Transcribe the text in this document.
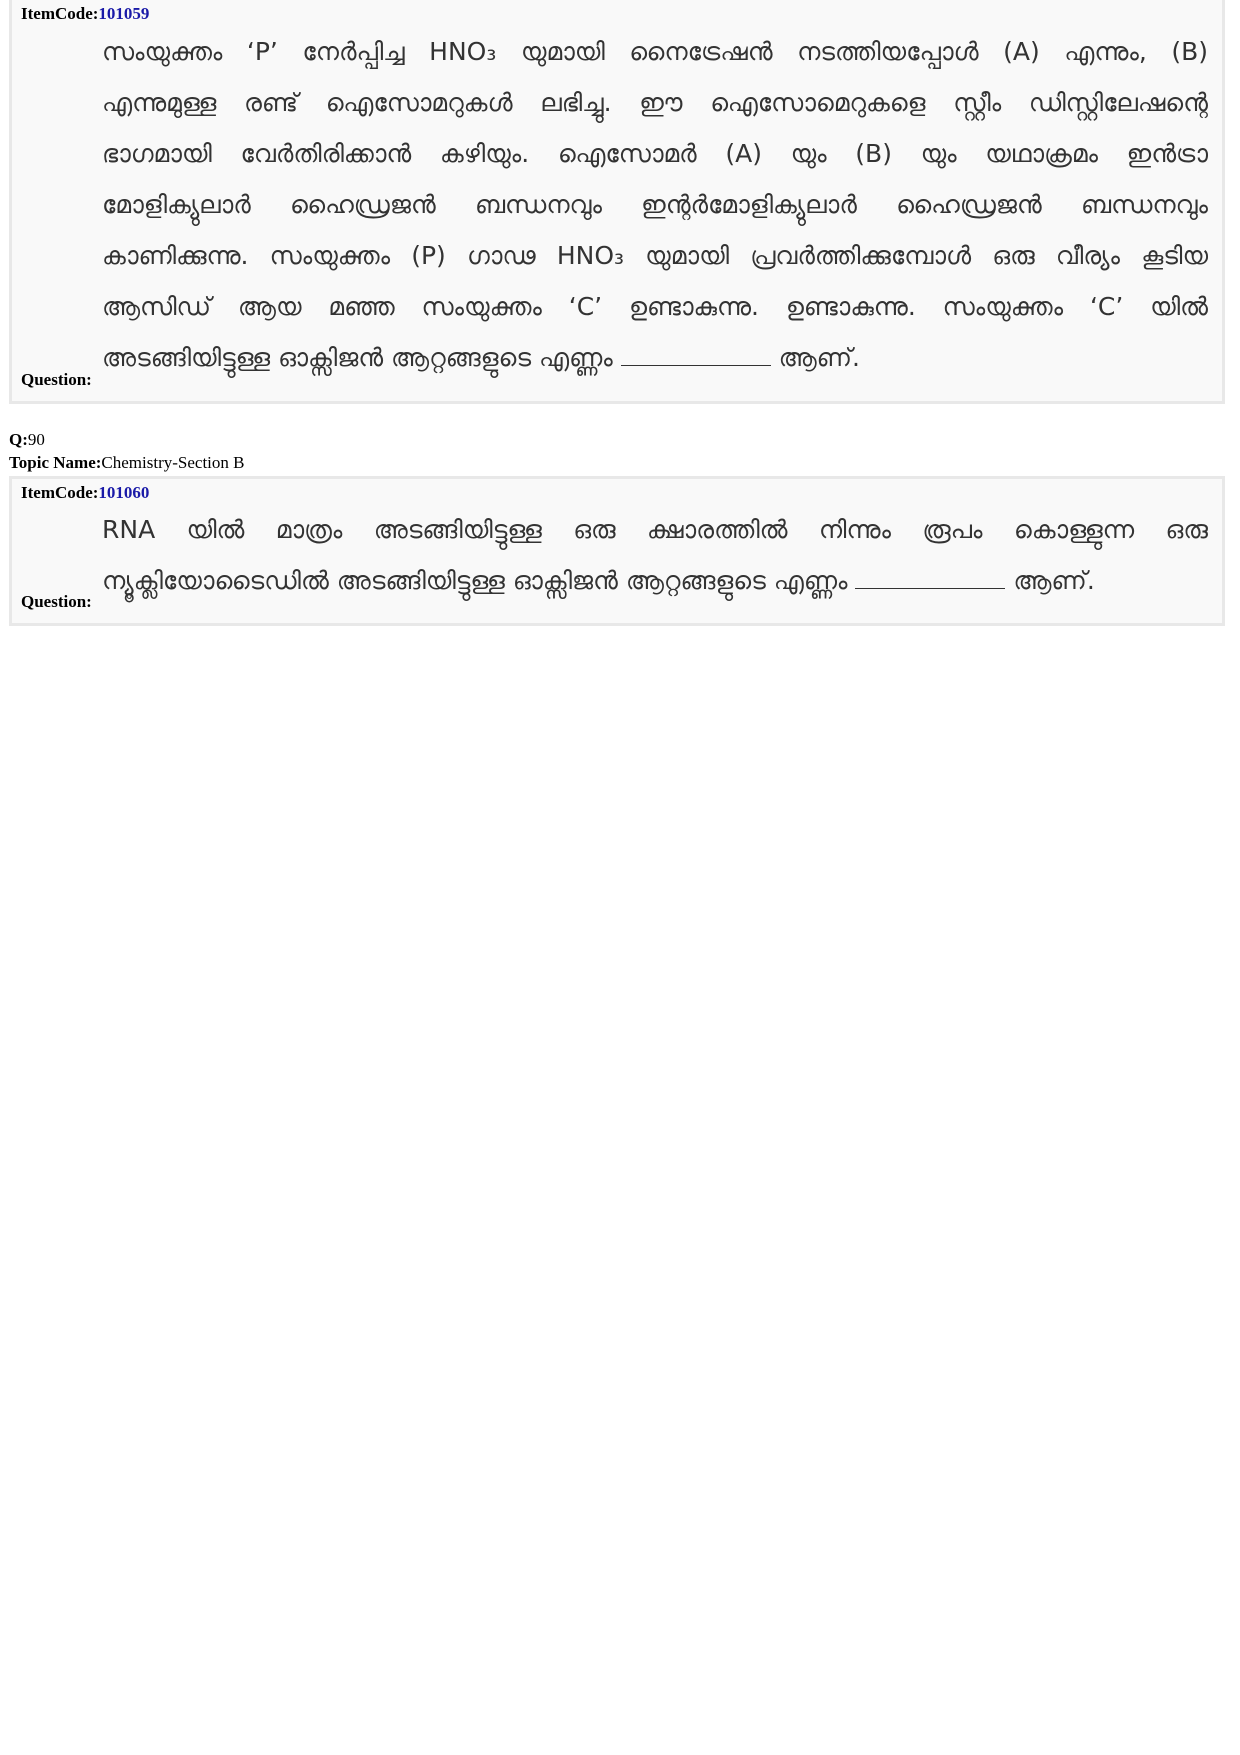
ItemCode:101059
സംയുക്തം ‘P’ നേർപ്പിച്ച HNO₃ യുമായി നൈട്രേഷൻ നടത്തിയപ്പോൾ (A) എന്നും, (B)
എന്നുമുള്ള രണ്ട് ഐസോമറുകൾ ലഭിച്ചു. ഈ ഐസോമെറുകളെ സ്റ്റീം ഡിസ്റ്റിലേഷന്റെ
ഭാഗമായി വേർതിരിക്കാൻ കഴിയും. ഐസോമർ (A) യും (B) യും യഥാക്രമം ഇൻട്രാ
മോളിക്യുലാർ ഹൈഡ്രജൻ ബന്ധനവും ഇന്റർമോളിക്യുലാർ ഹൈഡ്രജൻ ബന്ധനവും
കാണിക്കുന്നു. സംയുക്തം (P) ഗാഢ HNO₃ യുമായി പ്രവർത്തിക്കുമ്പോൾ ഒരു വീര്യം കൂടിയ
ആസിഡ് ആയ മഞ്ഞ സംയുക്തം ‘C’ ഉണ്ടാകുന്നു. ഉണ്ടാകുന്നു. സംയുക്തം ‘C’ യിൽ
അടങ്ങിയിട്ടുള്ള ഓക്സിജൻ ആറ്റങ്ങളുടെ എണ്ണം	ആണ്.
Question:
Q:90
Topic Name:Chemistry-Section B
ItemCode:101060
RNA യിൽ മാത്രം അടങ്ങിയിട്ടുള്ള ഒരു ക്ഷാരത്തിൽ നിന്നും രൂപം കൊള്ളുന്ന ഒരു
ന്യൂക്ലിയോടൈഡിൽ അടങ്ങിയിട്ടുള്ള ഓക്സിജൻ ആറ്റങ്ങളുടെ എണ്ണം	ആണ്.
Question:
